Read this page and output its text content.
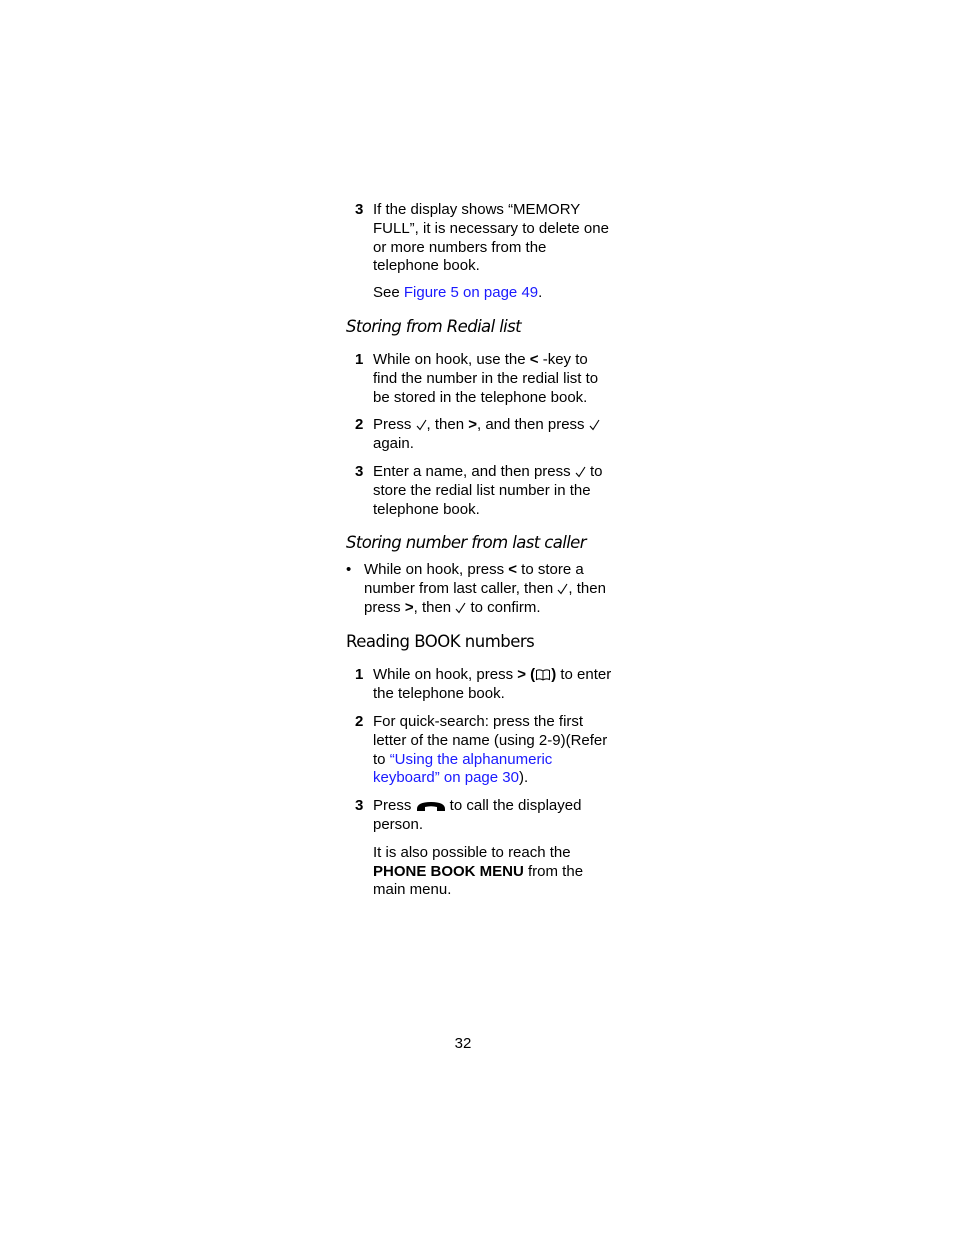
3 If the display shows “MEMORY FULL”, it is necessary to delete one or more numbers from the telephone book.
See Figure 5 on page 49.
Storing from Redial list
1 While on hook, use the < -key to find the number in the redial list to be stored in the telephone book.
2 Press , then >, and then press  again.
3 Enter a name, and then press  to store the redial list number in the telephone book.
Storing number from last caller
• While on hook, press < to store a number from last caller, then , then press >, then  to confirm.
Reading BOOK numbers
1 While on hook, press > ( ) to enter the telephone book.
2 For quick-search: press the first letter of the name (using 2-9)(Refer to “Using the alphanumeric keyboard” on page 30).
3 Press  to call the displayed person.
It is also possible to reach the PHONE BOOK MENU from the main menu.
32
